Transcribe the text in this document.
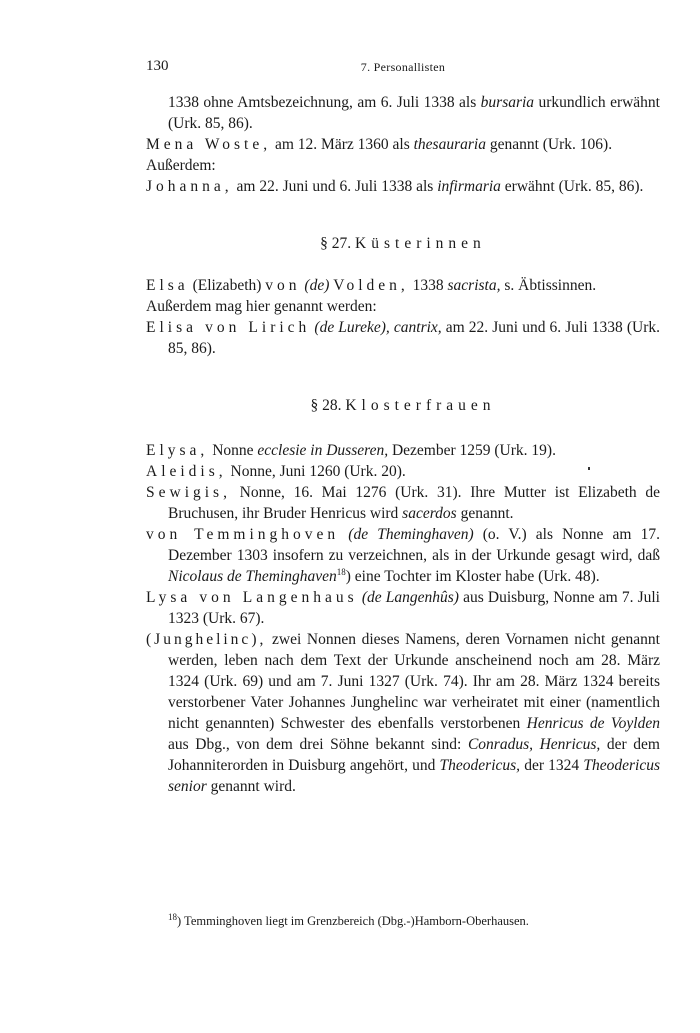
130	7. Personallisten

1338 ohne Amtsbezeichnung, am 6. Juli 1338 als bursaria urkundlich erwähnt (Urk. 85, 86).

Mena Woste, am 12. März 1360 als thesauraria genannt (Urk. 106).

Außerdem:

Johanna, am 22. Juni und 6. Juli 1338 als infirmaria erwähnt (Urk. 85, 86).

§ 27. Küsterinnen

Elsa (Elizabeth) von (de) Volden, 1338 sacrista, s. Äbtissinnen.

Außerdem mag hier genannt werden:

Elisa von Lirich (de Lureke), cantrix, am 22. Juni und 6. Juli 1338 (Urk. 85, 86).

§ 28. Klosterfrauen

Elysa, Nonne ecclesie in Dusseren, Dezember 1259 (Urk. 19).

Aleidis, Nonne, Juni 1260 (Urk. 20).

Sewigis, Nonne, 16. Mai 1276 (Urk. 31). Ihre Mutter ist Elizabeth de Bruchusen, ihr Bruder Henricus wird sacerdos genannt.

von Temminghoven (de Theminghaven) (o. V.) als Nonne am 17. Dezember 1303 insofern zu verzeichnen, als in der Urkunde gesagt wird, daß Nicolaus de Theminghaven$^{18}$) eine Tochter im Kloster habe (Urk. 48).

Lysa von Langenhaus (de Langenhûs) aus Duisburg, Nonne am 7. Juli 1323 (Urk. 67).

(Junghelinc), zwei Nonnen dieses Namens, deren Vornamen nicht genannt werden, leben nach dem Text der Urkunde anscheinend noch am 28. März 1324 (Urk. 69) und am 7. Juni 1327 (Urk. 74). Ihr am 28. März 1324 bereits verstorbener Vater Johannes Junghelinc war verheiratet mit einer (namentlich nicht genannten) Schwester des ebenfalls verstorbenen Henricus de Voylden aus Dbg., von dem drei Söhne bekannt sind: Conradus, Henricus, der dem Johanniterorden in Duisburg angehört, und Theodericus, der 1324 Theodericus senior genannt wird.

$^{18}$) Temminghoven liegt im Grenzbereich (Dbg.-)Hamborn-Oberhausen.
